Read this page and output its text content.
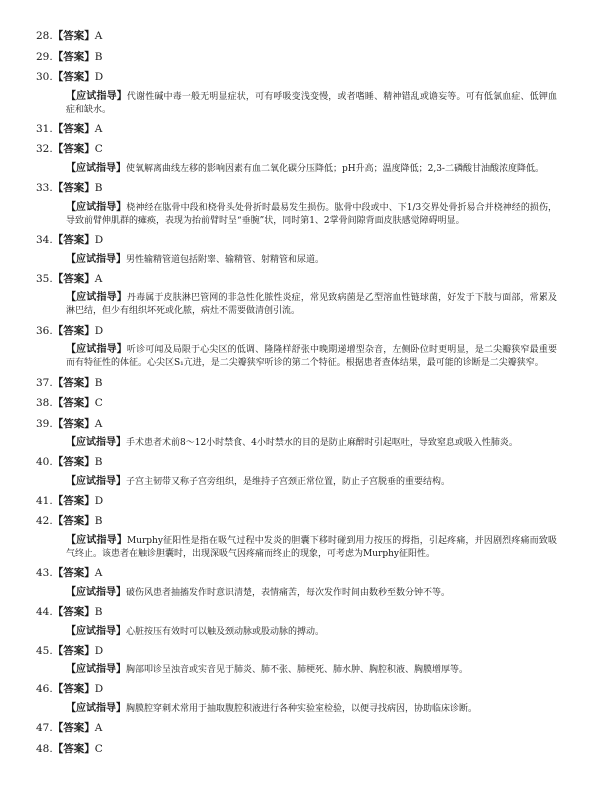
28.【答案】A
29.【答案】B
30.【答案】D
【应试指导】代谢性碱中毒一般无明显症状，可有呼吸变浅变慢，或者嗜睡、精神错乱或谵妄等。可有低氯血症、低钾血症和缺水。
31.【答案】A
32.【答案】C
【应试指导】使氧解离曲线左移的影响因素有血二氧化碳分压降低；pH升高；温度降低；2,3-二磷酸甘油酸浓度降低。
33.【答案】B
【应试指导】桡神经在肱骨中段和桡骨头处骨折时最易发生损伤。肱骨中段或中、下1/3交界处骨折易合并桡神经的损伤，导致前臂伸肌群的瘫痪，表现为抬前臂时呈“垂腕”状，同时第1、2掌骨间隙背面皮肤感觉障碍明显。
34.【答案】D
【应试指导】男性输精管道包括附睾、输精管、射精管和尿道。
35.【答案】A
【应试指导】丹毒属于皮肤淋巴管网的非急性化脓性炎症，常见致病菌是乙型溶血性链球菌，好发于下肢与面部，常累及淋巴结，但少有组织坏死或化脓，病灶不需要做清创引流。
36.【答案】D
【应试指导】听诊可闻及局限于心尖区的低调、隆隆样舒张中晚期递增型杂音，左侧卧位时更明显，是二尖瓣狭窄最重要而有特征性的体征。心尖区S₁亢进，是二尖瓣狭窄听诊的第二个特征。根据患者查体结果，最可能的诊断是二尖瓣狭窄。
37.【答案】B
38.【答案】C
39.【答案】A
【应试指导】手术患者术前8～12小时禁食、4小时禁水的目的是防止麻醉时引起呕吐，导致窒息或吸入性肺炎。
40.【答案】B
【应试指导】子宫主韧带又称子宫旁组织，是维持子宫颈正常位置，防止子宫脱垂的重要结构。
41.【答案】D
42.【答案】B
【应试指导】Murphy征阳性是指在吸气过程中发炎的胆囊下移时碰到用力按压的拇指，引起疼痛，并因剧烈疼痛而致吸气终止。该患者在触诊胆囊时，出现深吸气因疼痛而终止的现象，可考虑为Murphy征阳性。
43.【答案】A
【应试指导】破伤风患者抽搐发作时意识清楚，表情痛苦，每次发作时间由数秒至数分钟不等。
44.【答案】B
【应试指导】心脏按压有效时可以触及颈动脉或股动脉的搏动。
45.【答案】D
【应试指导】胸部叩诊呈浊音或实音见于肺炎、肺不张、肺梗死、肺水肿、胸腔积液、胸膜增厚等。
46.【答案】D
【应试指导】胸膜腔穿刺术常用于抽取腹腔积液进行各种实验室检验，以便寻找病因，协助临床诊断。
47.【答案】A
48.【答案】C
